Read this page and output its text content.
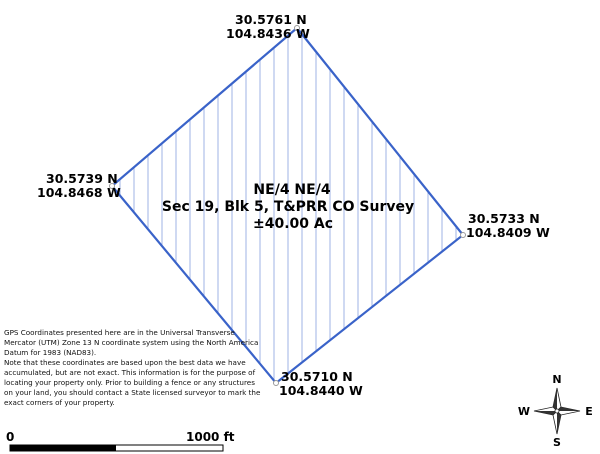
30.5761 N
104.8436 W
30.5733 N
104.8409 W
30.5710 N
104.8440 W
30.5739 N
104.8468 W	NE/4 NE/4
Sec 19, Blk 5, T&PRR CO Survey
±40.00 Ac
0	1000 ft
N
S
E
W

GPS Coordinates presented here are in the Universal Transverse Mercator (UTM) Zone 13 N coordinate system using the North America Datum for 1983 (NAD83).

Note that these coordinates are based upon the best data we have accumulated, but are not exact. This information is for the purpose of locating your property only. Prior to building a fence or any structures on your land, you should contact a State licensed surveyor to mark the exact corners of your property.
